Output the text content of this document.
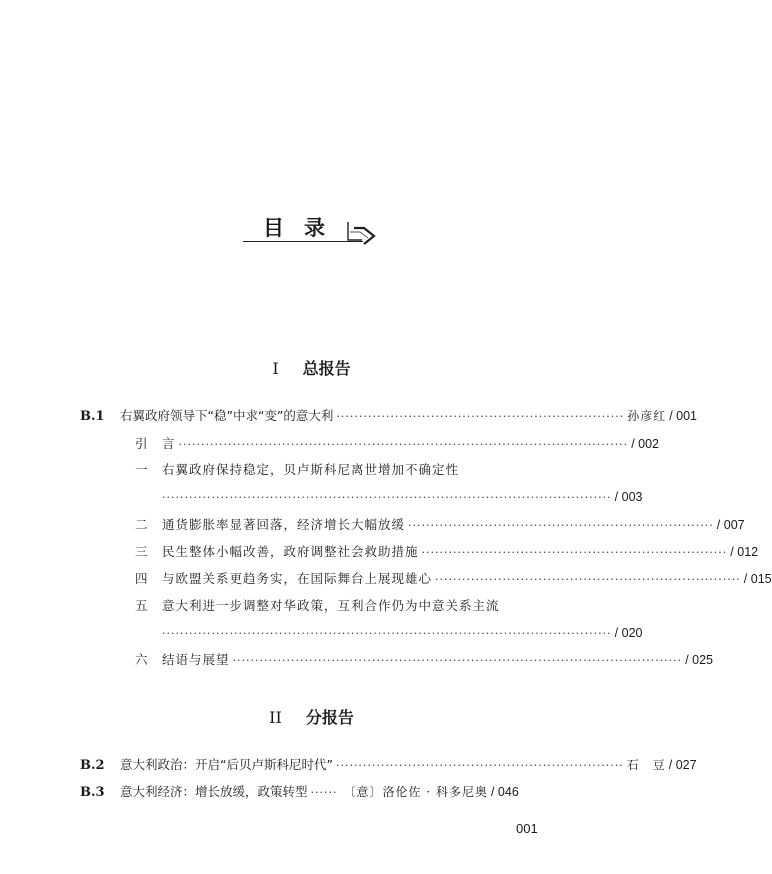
目录
I 总报告
B.1	右翼政府领导下“稳”中求“变”的意大利 ································································ 孙彦红 / 001
引	言 ···································································································· / 002
一	右翼政府保持稳定，贝卢斯科尼离世增加不确定性
···································································································· / 003
二	通货膨胀率显著回落，经济增长大幅放缓 ···································································· / 007
三	民生整体小幅改善，政府调整社会救助措施 ···································································· / 012
四	与欧盟关系更趋务实，在国际舞台上展现雄心 ···································································· / 015
五	意大利进一步调整对华政策，互利合作仍为中意关系主流
···································································································· / 020
六	结语与展望 ···································································································· / 025
II 分报告
B.2	意大利政治：开启“后贝卢斯科尼时代” ································································ 石　豆 / 027
B.3	意大利经济：增长放缓，政策转型 ······ 〔意〕洛伦佐 · 科多尼奥 / 046
001
